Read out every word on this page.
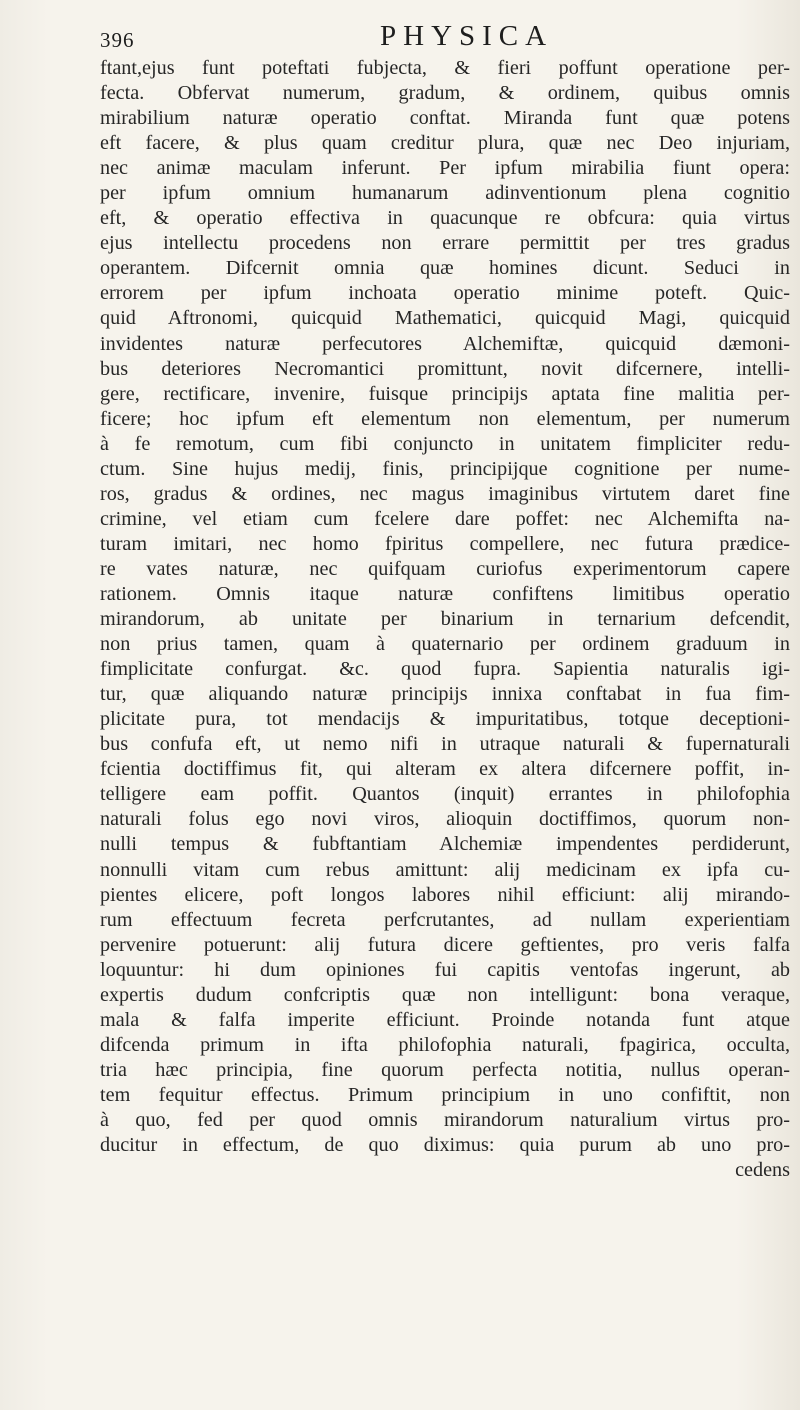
396	PHYSICA
ftant,ejus funt poteftati fubjecta, & fieri poffunt operatione per-
fecta. Obfervat numerum, gradum, & ordinem, quibus omnis
mirabilium naturæ operatio conftat. Miranda funt quæ potens
eft facere, & plus quam creditur plura, quæ nec Deo injuriam,
nec animæ maculam inferunt. Per ipfum mirabilia fiunt opera:
per ipfum omnium humanarum adinventionum plena cognitio
eft, & operatio effectiva in quacunque re obfcura: quia virtus
ejus intellectu procedens non errare permittit per tres gradus
operantem. Difcernit omnia quæ homines dicunt. Seduci in
errorem per ipfum inchoata operatio minime poteft. Quic-
quid Aftronomi, quicquid Mathematici, quicquid Magi, quicquid
invidentes naturæ perfecutores Alchemiftæ, quicquid dæmoni-
bus deteriores Necromantici promittunt, novit difcernere, intelli-
gere, rectificare, invenire, fuisque principijs aptata fine malitia per-
ficere; hoc ipfum eft elementum non elementum, per numerum
à fe remotum, cum fibi conjuncto in unitatem fimpliciter redu-
ctum. Sine hujus medij, finis, principijque cognitione per nume-
ros, gradus & ordines, nec magus imaginibus virtutem daret fine
crimine, vel etiam cum fcelere dare poffet: nec Alchemifta na-
turam imitari, nec homo fpiritus compellere, nec futura prædice-
re vates naturæ, nec quifquam curiofus experimentorum capere
rationem. Omnis itaque naturæ confiftens limitibus operatio
mirandorum, ab unitate per binarium in ternarium defcendit,
non prius tamen, quam à quaternario per ordinem graduum in
fimplicitate confurgat. &c. quod fupra. Sapientia naturalis igi-
tur, quæ aliquando naturæ principijs innixa conftabat in fua fim-
plicitate pura, tot mendacijs & impuritatibus, totque deceptioni-
bus confufa eft, ut nemo nifi in utraque naturali & fupernaturali
fcientia doctiffimus fit, qui alteram ex altera difcernere poffit, in-
telligere eam poffit. Quantos (inquit) errantes in philofophia
naturali folus ego novi viros, alioquin doctiffimos, quorum non-
nulli tempus & fubftantiam Alchemiæ impendentes perdiderunt,
nonnulli vitam cum rebus amittunt: alij medicinam ex ipfa cu-
pientes elicere, poft longos labores nihil efficiunt: alij mirando-
rum effectuum fecreta perfcrutantes, ad nullam experientiam
pervenire potuerunt: alij futura dicere geftientes, pro veris falfa
loquuntur: hi dum opiniones fui capitis ventofas ingerunt, ab
expertis dudum confcriptis quæ non intelligunt: bona veraque,
mala & falfa imperite efficiunt. Proinde notanda funt atque
difcenda primum in ifta philofophia naturali, fpagirica, occulta,
tria hæc principia, fine quorum perfecta notitia, nullus operan-
tem fequitur effectus. Primum principium in uno confiftit, non
à quo, fed per quod omnis mirandorum naturalium virtus pro-
ducitur in effectum, de quo diximus: quia purum ab uno pro-
cedens
